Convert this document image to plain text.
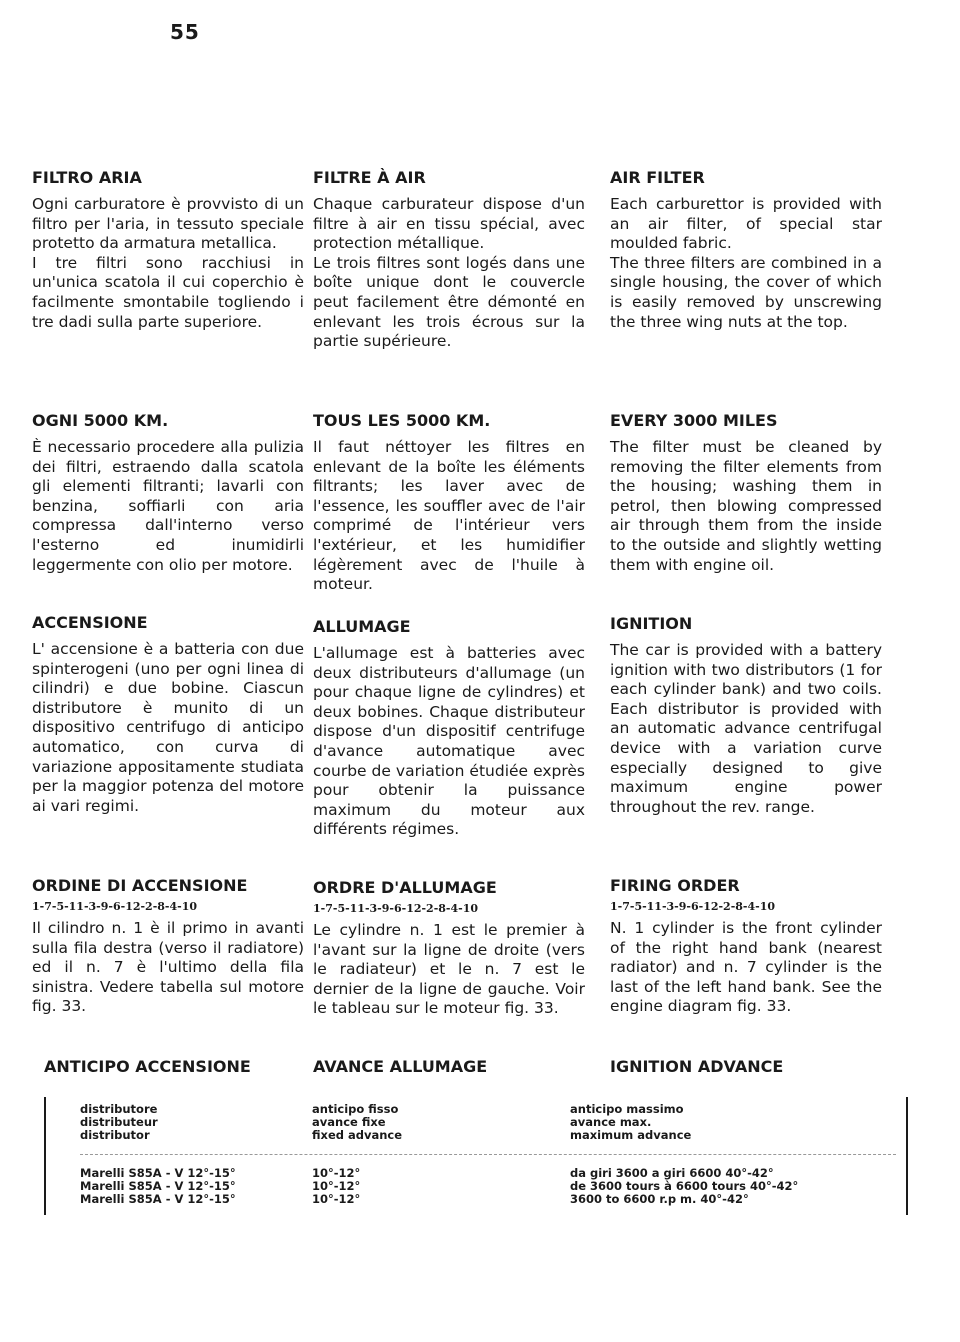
55
FILTRO ARIA
Ogni carburatore è provvisto di un filtro per l'aria, in tessuto speciale protetto da armatura metallica.
I tre filtri sono racchiusi in un'unica scatola il cui coperchio è facilmente smontabile togliendo i tre dadi sulla parte superiore.
FILTRE À AIR
Chaque carburateur dispose d'un filtre à air en tissu spécial, avec protection métallique.
Le trois filtres sont logés dans une boîte unique dont le couvercle peut facilement être démonté en enlevant les trois écrous sur la partie supérieure.
AIR FILTER
Each carburettor is provided with an air filter, of special star moulded fabric.
The three filters are combined in a single housing, the cover of which is easily removed by unscrewing the three wing nuts at the top.
OGNI 5000 KM.
È necessario procedere alla pulizia dei filtri, estraendo dalla scatola gli elementi filtranti; lavarli con benzina, soffiarli con aria compressa dall'interno verso l'esterno ed inumidirli leggermente con olio per motore.
TOUS LES 5000 KM.
Il faut néttoyer les filtres en enlevant de la boîte les éléments filtrants; les laver avec de l'essence, les souffler avec de l'air comprimé de l'intérieur vers l'extérieur, et les humidifier légèrement avec de l'huile à moteur.
EVERY 3000 MILES
The filter must be cleaned by removing the filter elements from the housing; washing them in petrol, then blowing compressed air through them from the inside to the outside and slightly wetting them with engine oil.
ACCENSIONE
L' accensione è a batteria con due spinterogeni (uno per ogni linea di cilindri) e due bobine. Ciascun distributore è munito di un dispositivo centrifugo di anticipo automatico, con curva di variazione appositamente studiata per la maggior potenza del motore ai vari regimi.
ALLUMAGE
L'allumage est à batteries avec deux distributeurs d'allumage (un pour chaque ligne de cylindres) et deux bobines. Chaque distributeur dispose d'un dispositif centrifuge d'avance automatique avec courbe de variation étudiée exprès pour obtenir la puissance maximum du moteur aux différents régimes.
IGNITION
The car is provided with a battery ignition with two distributors (1 for each cylinder bank) and two coils. Each distributor is provided with an automatic advance centrifugal device with a variation curve especially designed to give maximum engine power throughout the rev. range.
ORDINE DI ACCENSIONE
1-7-5-11-3-9-6-12-2-8-4-10
Il cilindro n. 1 è il primo in avanti sulla fila destra (verso il radiatore) ed il n. 7 è l'ultimo della fila sinistra. Vedere tabella sul motore fig. 33.
ORDRE D'ALLUMAGE
1-7-5-11-3-9-6-12-2-8-4-10
Le cylindre n. 1 est le premier à l'avant sur la ligne de droite (vers le radiateur) et le n. 7 est le dernier de la ligne de gauche. Voir le tableau sur le moteur fig. 33.
FIRING ORDER
1-7-5-11-3-9-6-12-2-8-4-10
N. 1 cylinder is the front cylinder of the right hand bank (nearest radiator) and n. 7 cylinder is the last of the left hand bank. See the engine diagram fig. 33.
ANTICIPO ACCENSIONE	AVANCE ALLUMAGE	IGNITION ADVANCE
distributore
distributeur
distributor
anticipo fisso
avance fixe
fixed advance
anticipo massimo
avance max.
maximum advance
Marelli S85A - V 12°-15°
Marelli S85A - V 12°-15°
Marelli S85A - V 12°-15°
10°-12°
10°-12°
10°-12°
da giri 3600 a giri 6600 40°-42°
de 3600 tours à 6600 tours 40°-42°
3600 to 6600 r.p m. 40°-42°
